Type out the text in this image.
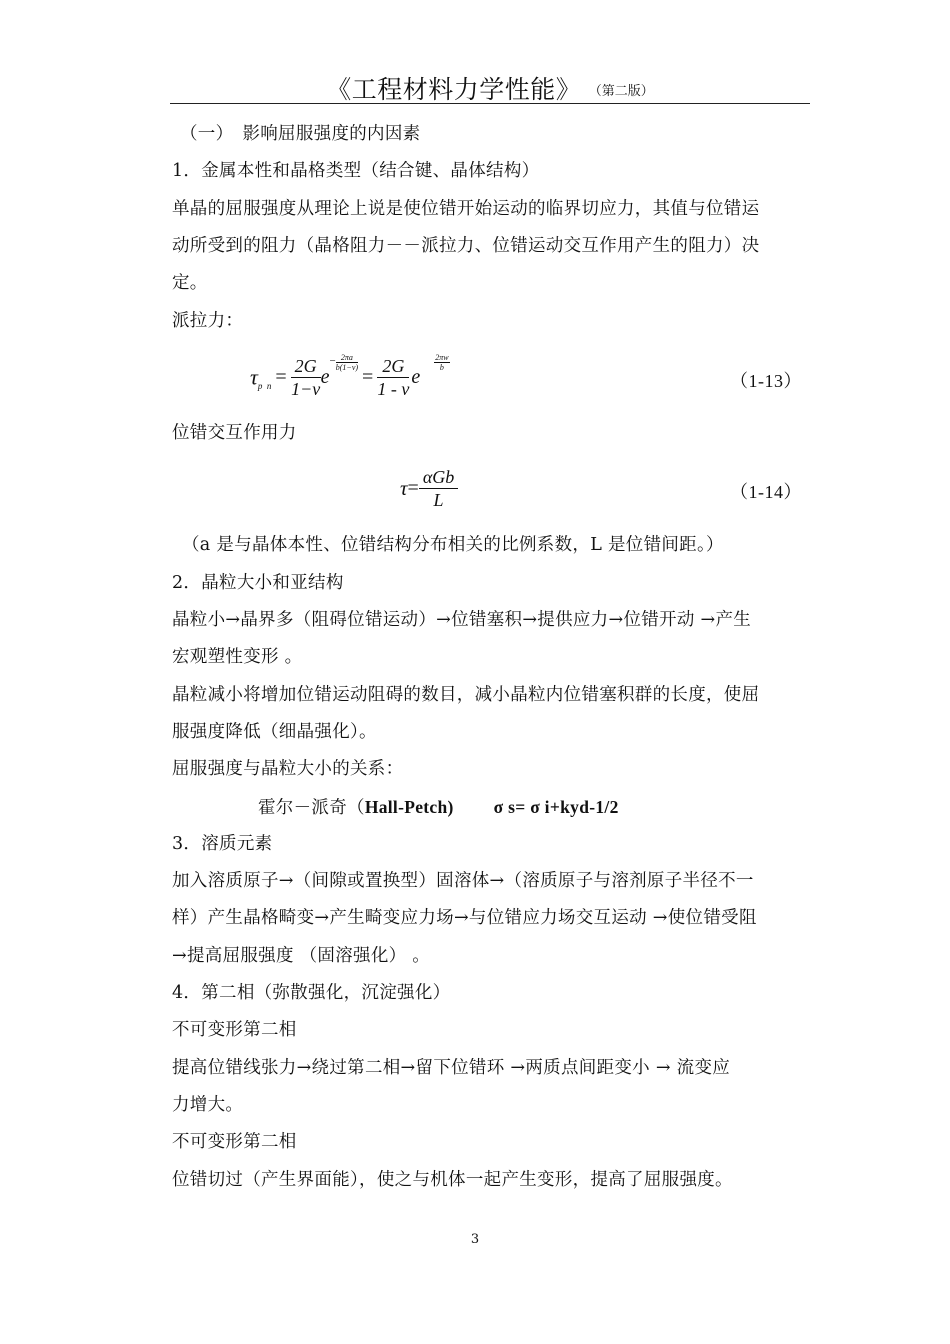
《工程材料力学性能》 （第二版）
（一）　影响屈服强度的内因素
1．金属本性和晶格类型（结合键、晶体结构）
单晶的屈服强度从理论上说是使位错开始运动的临界切应力，其值与位错运
动所受到的阻力（晶格阻力－－派拉力、位错运动交互作用产生的阻力）决
定。
派拉力：
$\tau_{p n} = \frac{2G}{1-\nu} e^- \frac{2\pi a}{b(1-\nu)}$
= $\frac{2G}{1 - \nu}$ e
$\frac{2\pi w}{b}$
（1-13）
位错交互作用力
$\tau= \frac{\text{αGb}}{L}$	（1-14）
（a 是与晶体本性、位错结构分布相关的比例系数，L 是位错间距。）
2．晶粒大小和亚结构
晶粒小→晶界多（阻碍位错运动）→位错塞积→提供应力→位错开动 →产生
宏观塑性变形 。
晶粒减小将增加位错运动阻碍的数目，减小晶粒内位错塞积群的长度，使屈
服强度降低（细晶强化）。
屈服强度与晶粒大小的关系：
霍尔－派奇（Hall-Petch) σ s= σ i+kyd-1/2
3．溶质元素
加入溶质原子→（间隙或置换型）固溶体→（溶质原子与溶剂原子半径不一
样）产生晶格畸变→产生畸变应力场→与位错应力场交互运动 →使位错受阻
→提高屈服强度 （固溶强化） 。
4．第二相（弥散强化，沉淀强化）
不可变形第二相
提高位错线张力→绕过第二相→留下位错环 →两质点间距变小 → 流变应
力增大。
不可变形第二相
位错切过（产生界面能），使之与机体一起产生变形，提高了屈服强度。
3
